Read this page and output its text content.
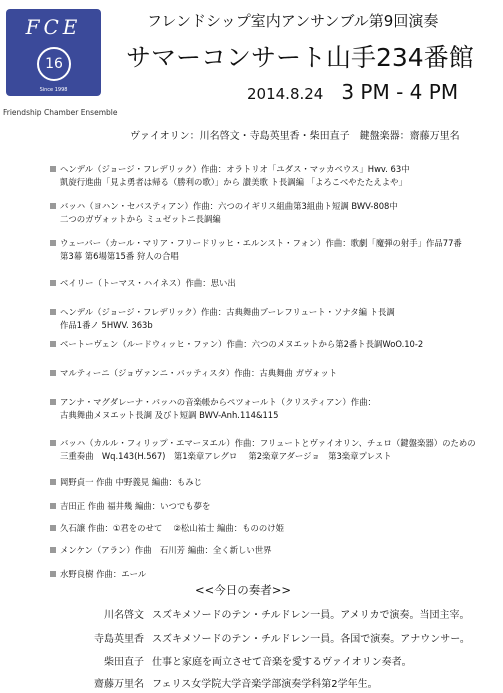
FCE
16
Since 1998
Friendship Chamber Ensemble
フレンドシップ室内アンサンブル第9回演奏
サマーコンサート山手234番館
2014.8.24 3 PM - 4 PM
ヴァイオリン：川名啓文・寺島英里香・柴田直子　鍵盤楽器：齋藤万里名
ヘンデル（ジョージ・フレデリック）作曲：オラトリオ「ユダス・マッカベウス」Hwv. 63中
凱旋行進曲「見よ勇者は帰る（勝利の歌）」から 讃美歌 ト長調編 「よろこべやたたえよや」
バッハ（ヨハン・セバスティアン）作曲：六つのイギリス組曲第3組曲ト短調 BWV-808中
二つのガヴォットから ミュゼットニ長調編
ウェーバー（カール・マリア・フリードリッヒ・エルンスト・フォン）作曲：歌劇「魔弾の射手」作品77番
第3幕 第6場第15番 狩人の合唱
ベイリー（トーマス・ハイネス）作曲：思い出
ヘンデル（ジョージ・フレデリック）作曲：古典舞曲ブーレフリュート・ソナタ編 ト長調
作品1番ノ 5HWV. 363b
ベートーヴェン（ルードウィッヒ・ファン）作曲：六つのメヌエットから第2番ト長調WoO.10-2
マルティーニ（ジョヴァンニ・バッティスタ）作曲：古典舞曲 ガヴォット
アンナ・マグダレーナ・バッハの音楽帳からペツォールト（クリスティアン）作曲：
古典舞曲メヌエット長調 及びト短調 BWV-Anh.114&115
バッハ（カルル・フィリップ・エマーヌエル）作曲：フリュートとヴァイオリン、チェロ（鍵盤楽器）のための
三重奏曲　Wq.143(H.567)　第1楽章アレグロ　 第2楽章アダージョ　第3楽章プレスト
岡野貞一 作曲 中野義見 編曲：もみじ
吉田正 作曲 福井幾 編曲：いつでも夢を
久石譲 作曲：①君をのせて　 ②松山祐士 編曲：もののけ姫
メンケン（アラン）作曲　石川芳 編曲：全く新しい世界
水野良樹 作曲：エール
<<今日の奏者>>
川名啓文 スズキメソードのテン・チルドレン一員。アメリカで演奏。当団主宰。
寺島英里香 スズキメソードのテン・チルドレン一員。各国で演奏。アナウンサー。
柴田直子 仕事と家庭を両立させて音楽を愛するヴァイオリン奏者。
齋藤万里名 フェリス女学院大学音楽学部演奏学科第2学年生。
